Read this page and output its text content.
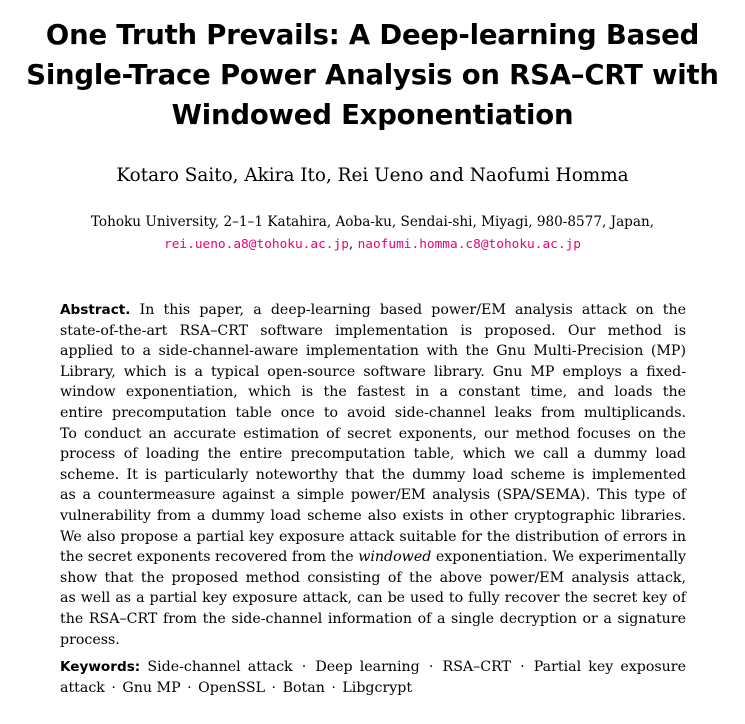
One Truth Prevails: A Deep-learning Based
Single-Trace Power Analysis on RSA–CRT with
Windowed Exponentiation
Kotaro Saito, Akira Ito, Rei Ueno and Naofumi Homma
Tohoku University, 2–1–1 Katahira, Aoba-ku, Sendai-shi, Miyagi, 980-8577, Japan,
rei.ueno.a8@tohoku.ac.jp, naofumi.homma.c8@tohoku.ac.jp
Abstract. In this paper, a deep-learning based power/EM analysis attack on the
state-of-the-art RSA–CRT software implementation is proposed. Our method is
applied to a side-channel-aware implementation with the Gnu Multi-Precision (MP)
Library, which is a typical open-source software library. Gnu MP employs a fixed-
window exponentiation, which is the fastest in a constant time, and loads the
entire precomputation table once to avoid side-channel leaks from multiplicands.
To conduct an accurate estimation of secret exponents, our method focuses on the
process of loading the entire precomputation table, which we call a dummy load
scheme. It is particularly noteworthy that the dummy load scheme is implemented
as a countermeasure against a simple power/EM analysis (SPA/SEMA). This type of
vulnerability from a dummy load scheme also exists in other cryptographic libraries.
We also propose a partial key exposure attack suitable for the distribution of errors in
the secret exponents recovered from the windowed exponentiation. We experimentally
show that the proposed method consisting of the above power/EM analysis attack,
as well as a partial key exposure attack, can be used to fully recover the secret key of
the RSA–CRT from the side-channel information of a single decryption or a signature
process.
Keywords: Side-channel attack · Deep learning · RSA–CRT · Partial key exposure
attack · Gnu MP · OpenSSL · Botan · Libgcrypt
